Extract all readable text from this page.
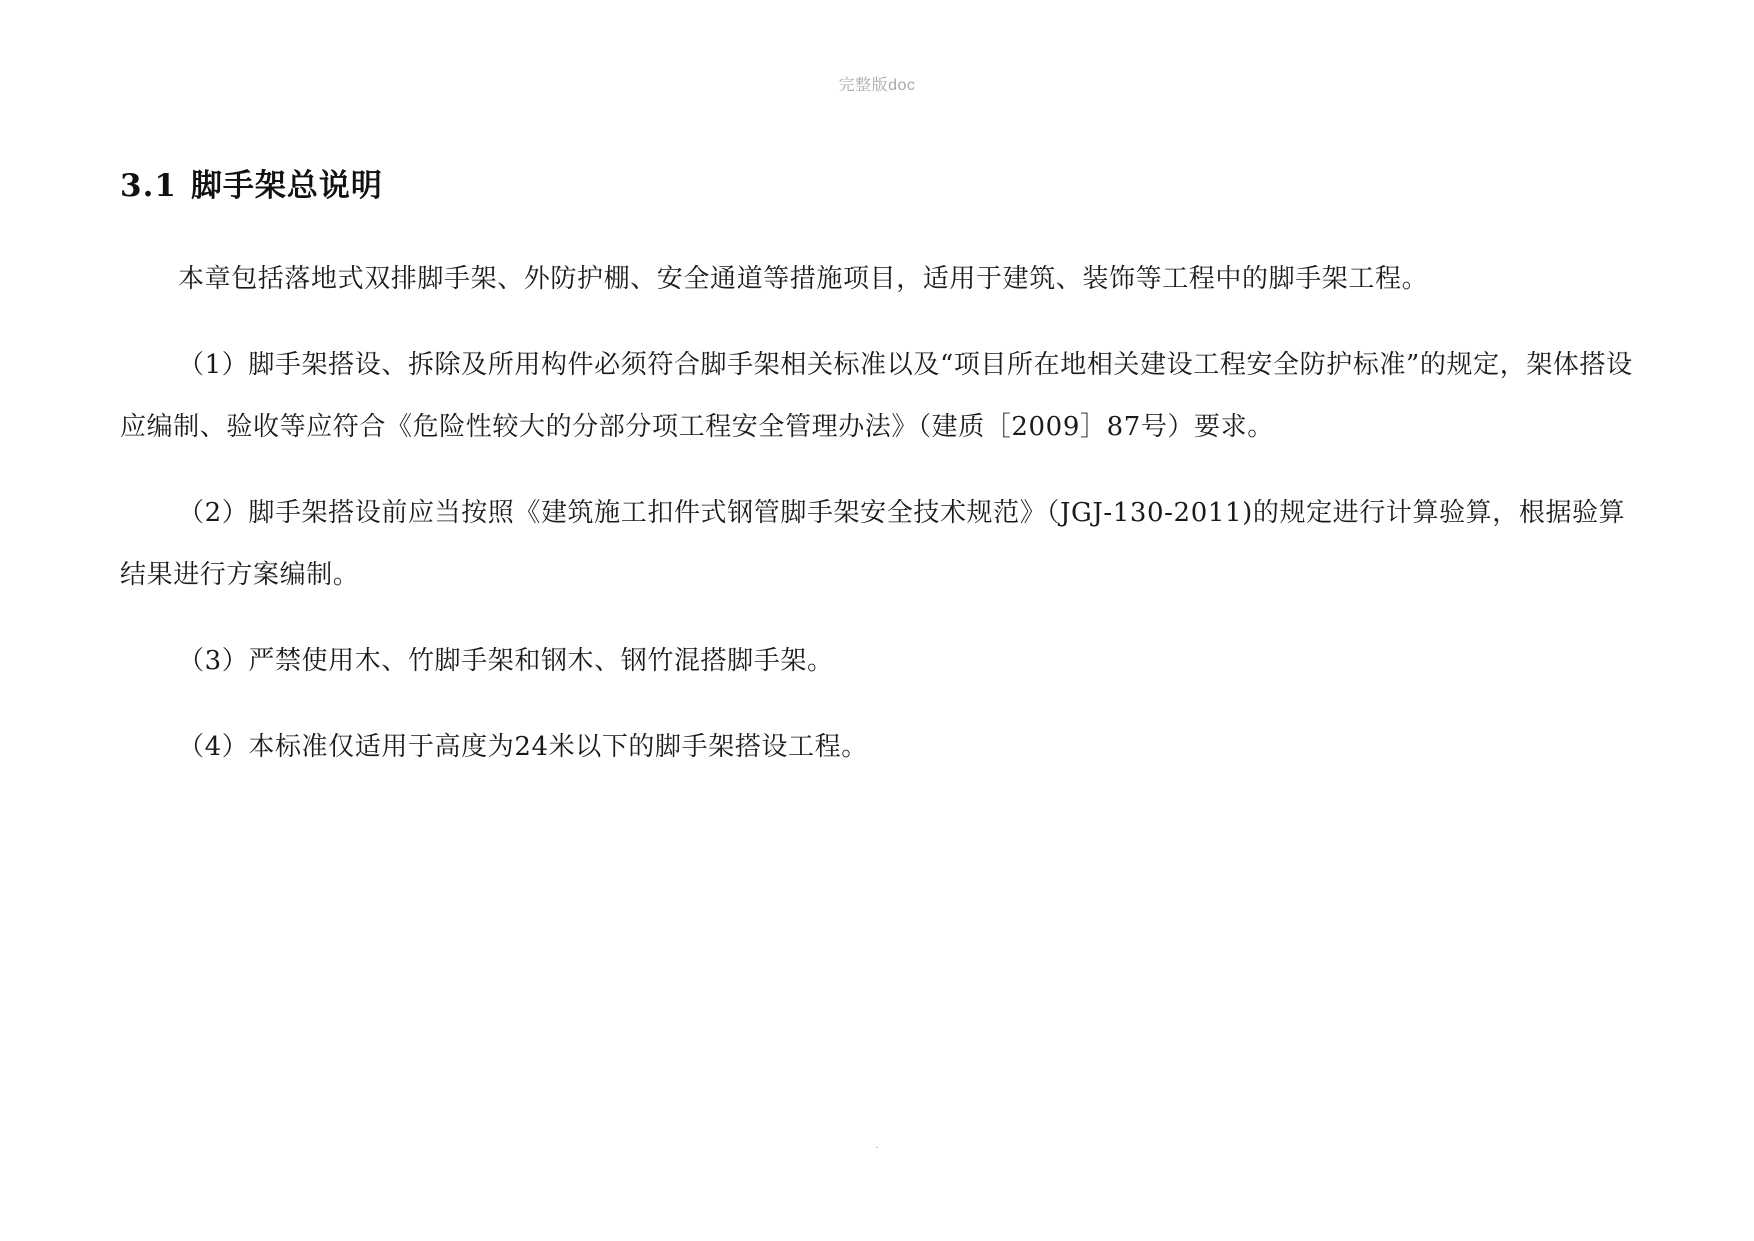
完整版doc
3.1 脚手架总说明

本章包括落地式双排脚手架、外防护棚、安全通道等措施项目，适用于建筑、装饰等工程中的脚手架工程。

（1）脚手架搭设、拆除及所用构件必须符合脚手架相关标准以及“项目所在地相关建设工程安全防护标准”的规定，架体搭设应编制、验收等应符合《危险性较大的分部分项工程安全管理办法》（建质［2009］87号）要求。

（2）脚手架搭设前应当按照《建筑施工扣件式钢管脚手架安全技术规范》（JGJ-130-2011)的规定进行计算验算，根据验算结果进行方案编制。

（3）严禁使用木、竹脚手架和钢木、钢竹混搭脚手架。

（4）本标准仅适用于高度为24米以下的脚手架搭设工程。

.
